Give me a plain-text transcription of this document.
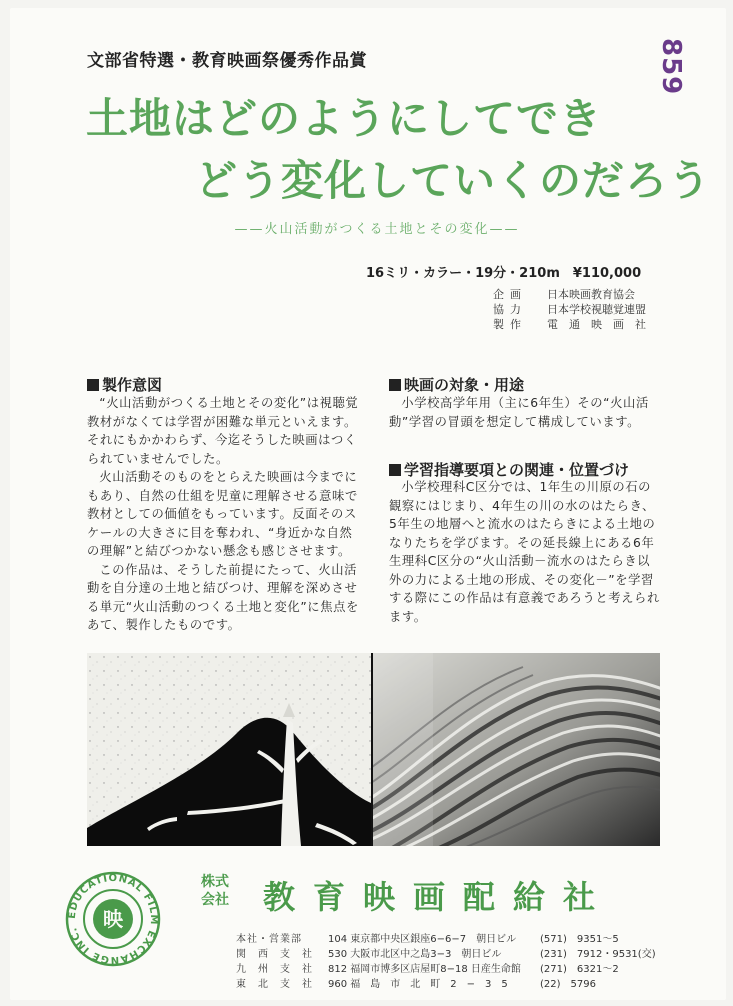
859
文部省特選・教育映画祭優秀作品賞
土地はどのようにしてでき
どう変化していくのだろう
——火山活動がつくる土地とその変化——
16ミリ・カラー・19分・210m　¥110,000
企画	日本映画教育協会
協力	日本学校視聴覚連盟
製作	電　通　映　画　社
製作意図

“火山活動がつくる土地とその変化”は視聴覚教材がなくては学習が困難な単元といえます。それにもかかわらず、今迄そうした映画はつくられていませんでした。

火山活動そのものをとらえた映画は今までにもあり、自然の仕組を児童に理解させる意味で教材としての価値をもっています。反面そのスケールの大きさに目を奪われ、“身近かな自然の理解”と結びつかない懸念も感じさせます。

この作品は、そうした前提にたって、火山活動を自分達の土地と結びつけ、理解を深めさせる単元“火山活動のつくる土地と変化”に焦点をあて、製作したものです。

映画の対象・用途

小学校高学年用（主に6年生）その“火山活動”学習の冒頭を想定して構成しています。

学習指導要項との関連・位置づけ

小学校理科C区分では、1年生の川原の石の観察にはじまり、4年生の川の水のはたらき、5年生の地層へと流水のはたらきによる土地のなりたちを学びます。その延長線上にある6年生理科C区分の“火山活動－流水のはたらき以外の力による土地の形成、その変化－”を学習する際にこの作品は有意義であろうと考えられます。

EDUCATIONAL FILM EXCHANGE INC.	映
株式
会社 教育映画配給社
本社・営業部	104 東京都中央区銀座6−6−7　朝日ビル	(571)　9351〜5
関　西　支　社	530 大阪市北区中之島3−3　朝日ビル	(231)　7912・9531(交)
九　州　支　社	812 福岡市博多区店屋町8−18 日産生命館	(271)　6321〜2
東　北　支　社	960 福　島　市　北　町　2　−　3　5	(22)　5796
